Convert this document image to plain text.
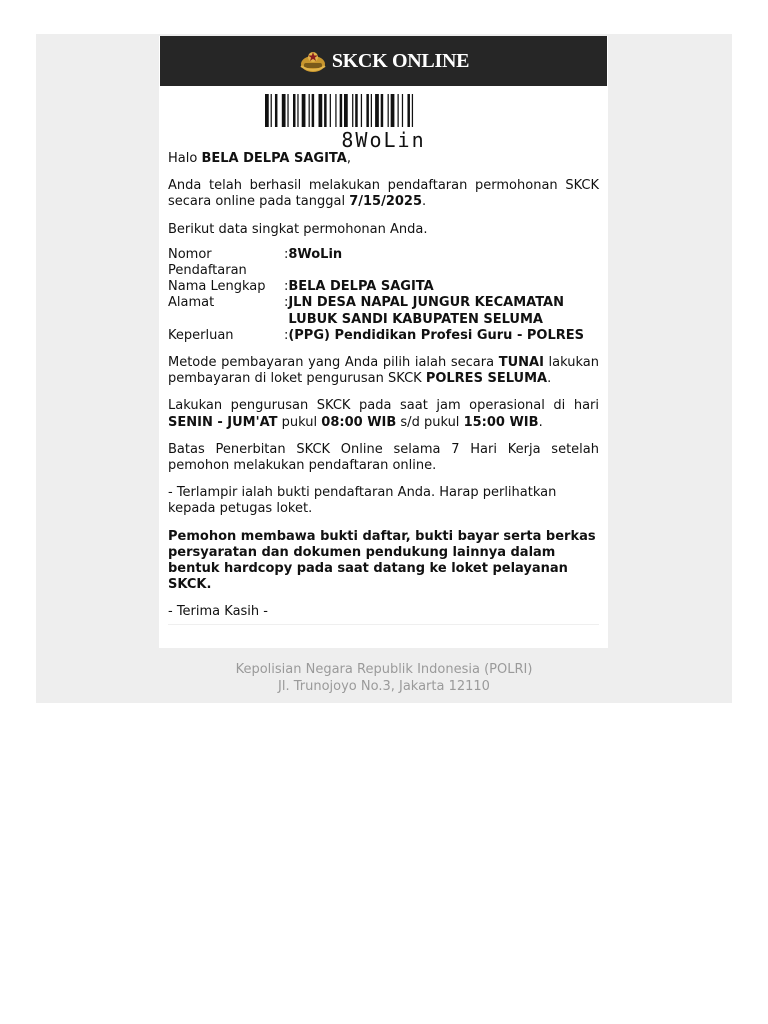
SKCK ONLINE
8WoLin

Halo BELA DELPA SAGITA,

Anda telah berhasil melakukan pendaftaran permohonan SKCK secara online pada tanggal 7/15/2025.

Berikut data singkat permohonan Anda.

Nomor Pendaftaran	:	8WoLin
Nama Lengkap	:	BELA DELPA SAGITA
Alamat	:	JLN DESA NAPAL JUNGUR KECAMATAN LUBUK SANDI KABUPATEN SELUMA
Keperluan	:	(PPG) Pendidikan Profesi Guru - POLRES

Metode pembayaran yang Anda pilih ialah secara TUNAI lakukan pembayaran di loket pengurusan SKCK POLRES SELUMA.

Lakukan pengurusan SKCK pada saat jam operasional di hari SENIN - JUM'AT pukul 08:00 WIB s/d pukul 15:00 WIB.

Batas Penerbitan SKCK Online selama 7 Hari Kerja setelah pemohon melakukan pendaftaran online.

- Terlampir ialah bukti pendaftaran Anda. Harap perlihatkan kepada petugas loket.

Pemohon membawa bukti daftar, bukti bayar serta berkas persyaratan dan dokumen pendukung lainnya dalam bentuk hardcopy pada saat datang ke loket pelayanan SKCK.

- Terima Kasih -

Kepolisian Negara Republik Indonesia (POLRI)
Jl. Trunojoyo No.3, Jakarta 12110
